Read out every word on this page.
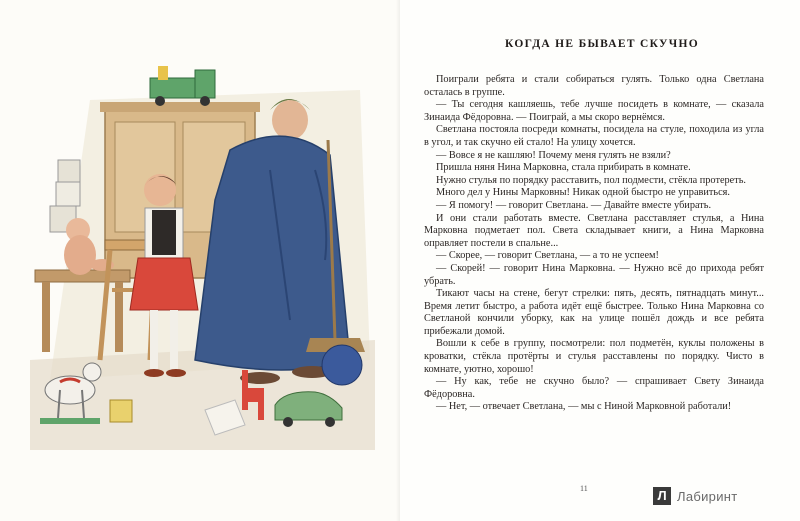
КОГДА НЕ БЫВАЕТ СКУЧНО

Поиграли ребята и стали собираться гулять. Только одна Светлана осталась в группе.

— Ты сегодня кашляешь, тебе лучше посидеть в комнате, — сказала Зинаида Фёдоровна. — Поиграй, а мы скоро вернёмся.

Светлана постояла посреди комнаты, посидела на стуле, походила из угла в угол, и так скучно ей стало! На улицу хочется.

— Вовсе я не кашляю! Почему меня гулять не взяли?

Пришла няня Нина Марковна, стала прибирать в комнате.

Нужно стулья по порядку расставить, пол подмести, стёкла протереть.

Много дел у Нины Марковны! Никак одной быстро не управиться.

— Я помогу! — говорит Светлана. — Давайте вместе убирать.

И они стали работать вместе. Светлана расставляет стулья, а Нина Марковна подметает пол. Света складывает книги, а Нина Марковна оправляет постели в спальне...

— Скорее, — говорит Светлана, — а то не успеем!

— Скорей! — говорит Нина Марковна. — Нужно всё до прихода ребят убрать.

Тикают часы на стене, бегут стрелки: пять, десять, пятнадцать минут... Время летит быстро, а работа идёт ещё быстрее. Только Нина Марковна со Светланой кончили уборку, как на улице пошёл дождь и все ребята прибежали домой.

Вошли к себе в группу, посмотрели: пол подметён, куклы положены в кроватки, стёкла протёрты и стулья расставлены по порядку. Чисто в комнате, уютно, хорошо!

— Ну как, тебе не скучно было? — спрашивает Свету Зинаида Фёдоровна.

— Нет, — отвечает Светлана, — мы с Ниной Марковной работали!

11	Л Лабиринт
